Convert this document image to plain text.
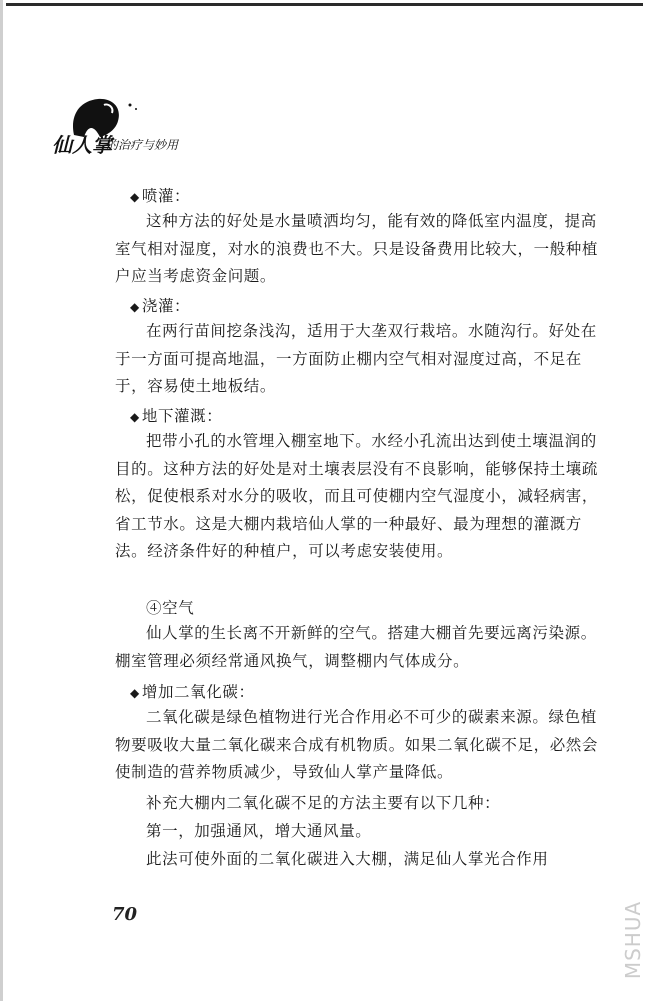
仙人掌
的治疗与妙用

◆ 喷灌：

这种方法的好处是水量喷洒均匀，能有效的降低室内温度，提高室气相对湿度，对水的浪费也不大。只是设备费用比较大，一般种植户应当考虑资金问题。

◆ 浇灌：

在两行苗间挖条浅沟，适用于大垄双行栽培。水随沟行。好处在于一方面可提高地温，一方面防止棚内空气相对湿度过高，不足在于，容易使土地板结。

◆ 地下灌溉：

把带小孔的水管埋入棚室地下。水经小孔流出达到使土壤温润的目的。这种方法的好处是对土壤表层没有不良影响，能够保持土壤疏松，促使根系对水分的吸收，而且可使棚内空气湿度小，减轻病害，省工节水。这是大棚内栽培仙人掌的一种最好、最为理想的灌溉方法。经济条件好的种植户，可以考虑安装使用。

④空气

仙人掌的生长离不开新鲜的空气。搭建大棚首先要远离污染源。棚室管理必须经常通风换气，调整棚内气体成分。

◆ 增加二氧化碳：

二氧化碳是绿色植物进行光合作用必不可少的碳素来源。绿色植物要吸收大量二氧化碳来合成有机物质。如果二氧化碳不足，必然会使制造的营养物质减少，导致仙人掌产量降低。

补充大棚内二氧化碳不足的方法主要有以下几种：

第一，加强通风，增大通风量。

此法可使外面的二氧化碳进入大棚，满足仙人掌光合作用

70	MSHUA
